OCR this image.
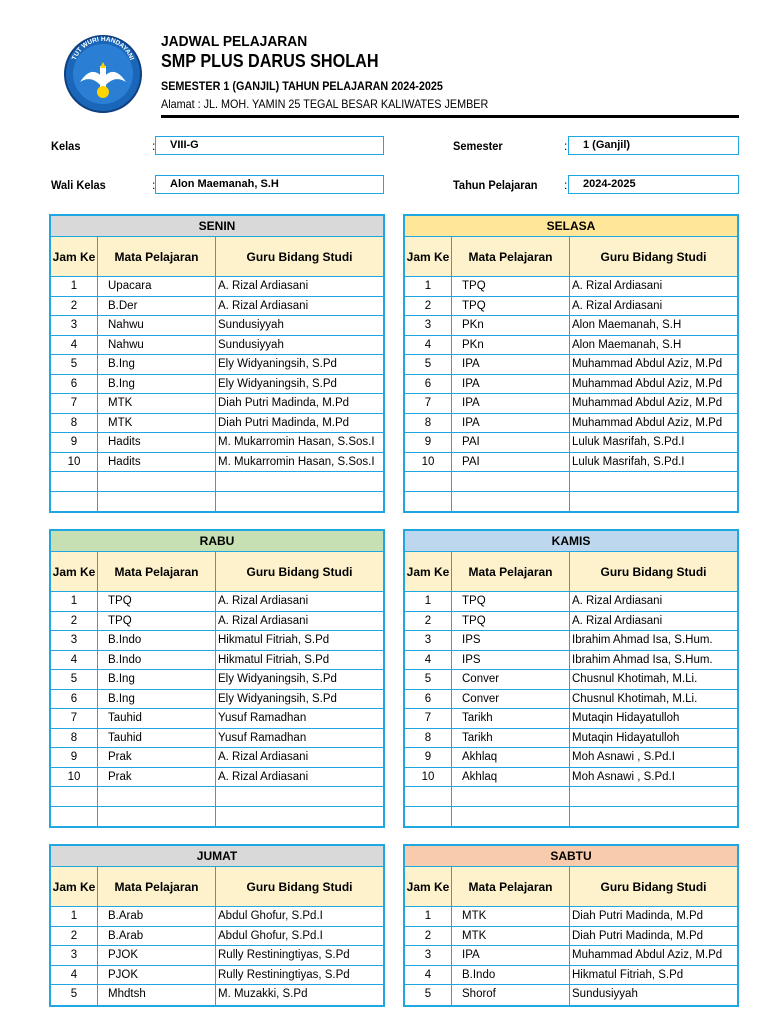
TUT WURI HANDAYANI
JADWAL PELAJARAN
SMP PLUS DARUS SHOLAH
SEMESTER 1 (GANJIL) TAHUN PELAJARAN 2024-2025
Alamat : JL. MOH. YAMIN 25 TEGAL BESAR KALIWATES JEMBER
Kelas	:	VIII-G
Wali Kelas	:	Alon Maemanah, S.H
Semester	:	1 (Ganjil)
Tahun Pelajaran :	2024-2025
SENIN
Jam Ke	Mata Pelajaran	Guru Bidang Studi
1	Upacara	A. Rizal Ardiasani
2	B.Der	A. Rizal Ardiasani
3	Nahwu	Sundusiyyah
4	Nahwu	Sundusiyyah
5	B.Ing	Ely Widyaningsih, S.Pd
6	B.Ing	Ely Widyaningsih, S.Pd
7	MTK	Diah Putri Madinda, M.Pd
8	MTK	Diah Putri Madinda, M.Pd
9	Hadits	M. Mukarromin Hasan, S.Sos.I
10	Hadits	M. Mukarromin Hasan, S.Sos.I
SELASA
Jam Ke	Mata Pelajaran	Guru Bidang Studi
1	TPQ	A. Rizal Ardiasani
2	TPQ	A. Rizal Ardiasani
3	PKn	Alon Maemanah, S.H
4	PKn	Alon Maemanah, S.H
5	IPA	Muhammad Abdul Aziz, M.Pd
6	IPA	Muhammad Abdul Aziz, M.Pd
7	IPA	Muhammad Abdul Aziz, M.Pd
8	IPA	Muhammad Abdul Aziz, M.Pd
9	PAI	Luluk Masrifah, S.Pd.I
10	PAI	Luluk Masrifah, S.Pd.I
RABU
Jam Ke	Mata Pelajaran	Guru Bidang Studi
1	TPQ	A. Rizal Ardiasani
2	TPQ	A. Rizal Ardiasani
3	B.Indo	Hikmatul Fitriah, S.Pd
4	B.Indo	Hikmatul Fitriah, S.Pd
5	B.Ing	Ely Widyaningsih, S.Pd
6	B.Ing	Ely Widyaningsih, S.Pd
7	Tauhid	Yusuf Ramadhan
8	Tauhid	Yusuf Ramadhan
9	Prak	A. Rizal Ardiasani
10	Prak	A. Rizal Ardiasani
KAMIS
Jam Ke	Mata Pelajaran	Guru Bidang Studi
1	TPQ	A. Rizal Ardiasani
2	TPQ	A. Rizal Ardiasani
3	IPS	Ibrahim Ahmad Isa, S.Hum.
4	IPS	Ibrahim Ahmad Isa, S.Hum.
5	Conver	Chusnul Khotimah, M.Li.
6	Conver	Chusnul Khotimah, M.Li.
7	Tarikh	Mutaqin Hidayatulloh
8	Tarikh	Mutaqin Hidayatulloh
9	Akhlaq	Moh Asnawi , S.Pd.I
10	Akhlaq	Moh Asnawi , S.Pd.I
JUMAT
Jam Ke	Mata Pelajaran	Guru Bidang Studi
1	B.Arab	Abdul Ghofur, S.Pd.I
2	B.Arab	Abdul Ghofur, S.Pd.I
3	PJOK	Rully Restiningtiyas, S.Pd
4	PJOK	Rully Restiningtiyas, S.Pd
5	Mhdtsh	M. Muzakki, S.Pd
SABTU
Jam Ke	Mata Pelajaran	Guru Bidang Studi
1	MTK	Diah Putri Madinda, M.Pd
2	MTK	Diah Putri Madinda, M.Pd
3	IPA	Muhammad Abdul Aziz, M.Pd
4	B.Indo	Hikmatul Fitriah, S.Pd
5	Shorof	Sundusiyyah
